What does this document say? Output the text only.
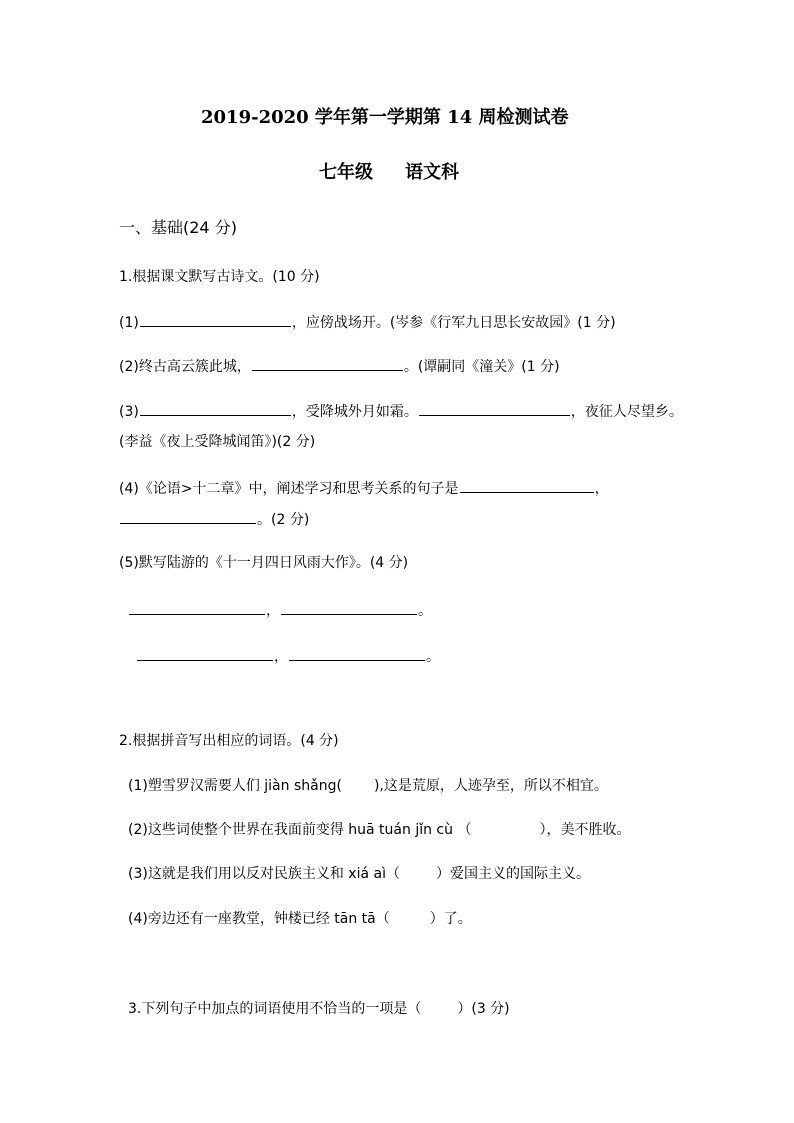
2019-2020 学年第一学期第 14 周检测试卷
七年级 语文科
一、基础(24 分)
1.根据课文默写古诗文。(10 分)
(1)	，应傍战场开。(岑参《行军九日思长安故园》(1 分)
(2)终古高云簇此城，	。(谭嗣同《潼关》(1 分)
(3)	，受降城外月如霜。	，夜征人尽望乡。
(李益《夜上受降城闻笛》)(2 分)
(4)《论语>十二章》中，阐述学习和思考关系的句子是	，
。(2 分)
(5)默写陆游的《十一月四日风雨大作》。(4 分)
，	。
，	。
2.根据拼音写出相应的词语。(4 分)
(1)塑雪罗汉需要人们 jiàn shǎng( ),这是荒原，人迹孕至，所以不相宜。
(2)这些词使整个世界在我面前变得 huā tuán jǐn cù （	），美不胜收。
(3)这就是我们用以反对民族主义和 xiá aì（	）爱国主义的国际主义。
(4)旁边还有一座教堂，钟楼已经 tān tā（	）了。
3.下列句子中加点的词语使用不恰当的一项是（	）(3 分)
